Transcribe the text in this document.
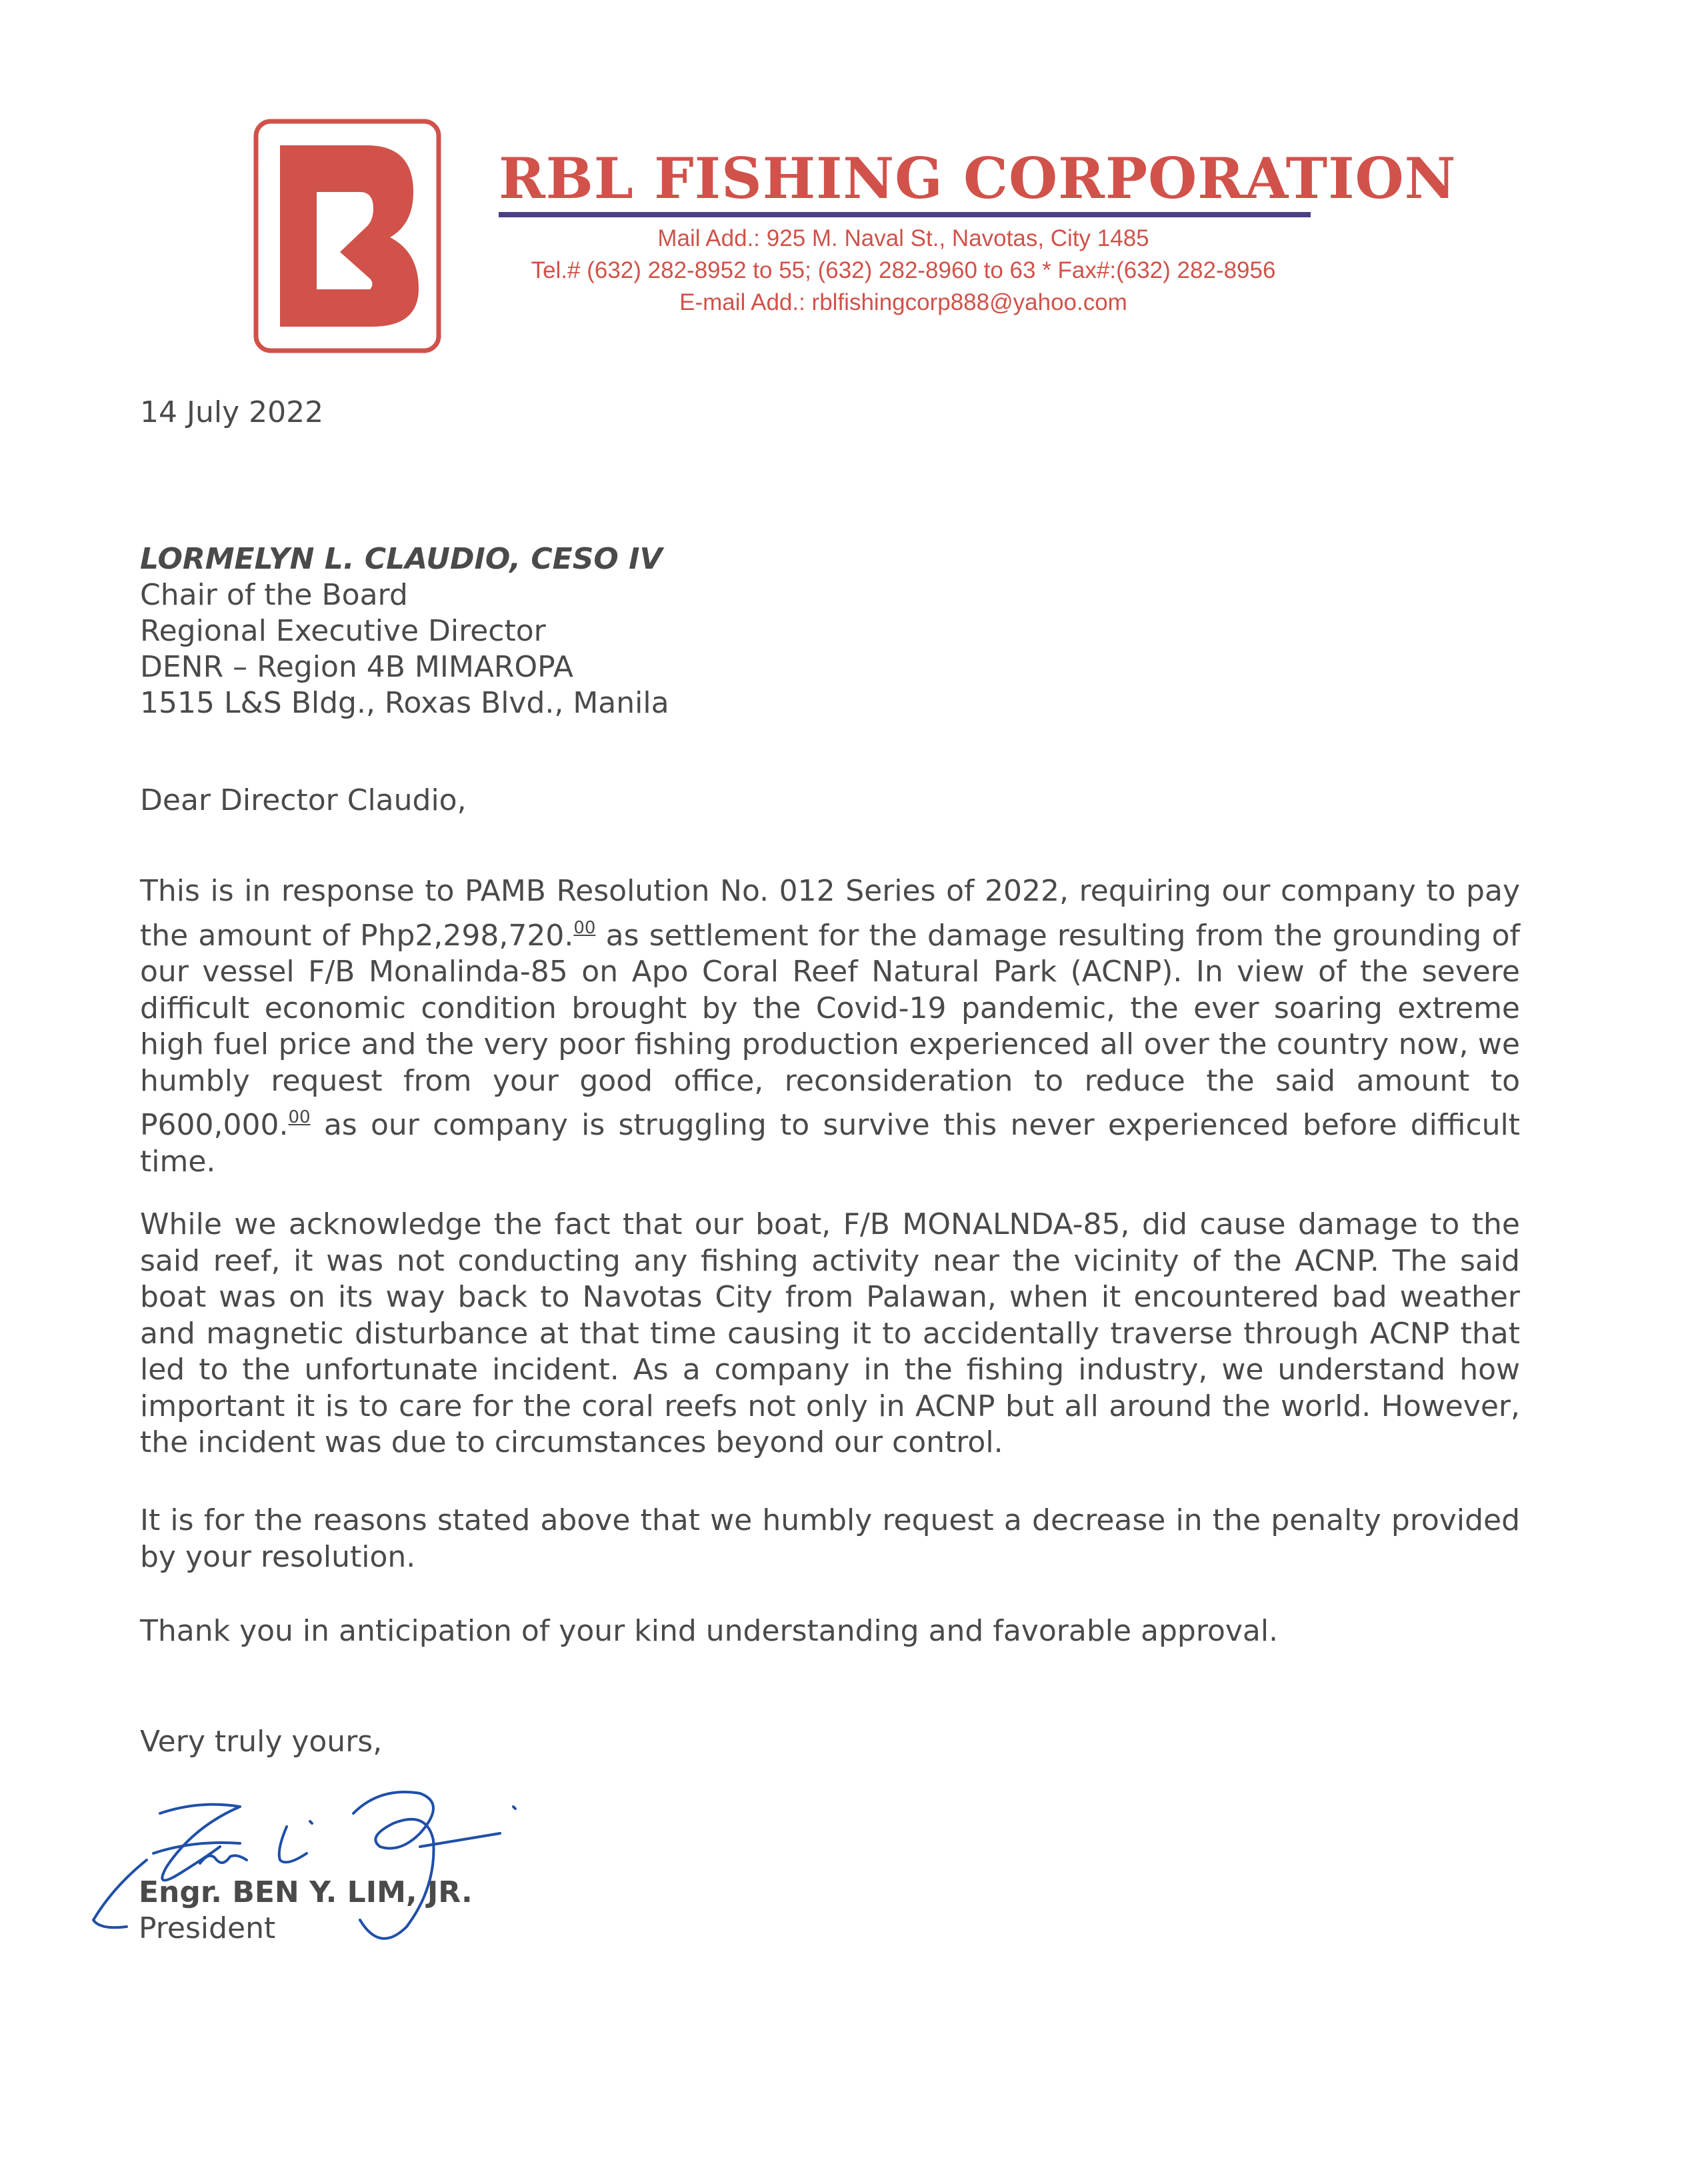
RBL FISHING CORPORATION
Mail Add.: 925 M. Naval St., Navotas, City 1485
Tel.# (632) 282-8952 to 55; (632) 282-8960 to 63 * Fax#:(632) 282-8956
E-mail Add.: rblfishingcorp888@yahoo.com
14 July 2022
LORMELYN L. CLAUDIO, CESO IV
Chair of the Board
Regional Executive Director
DENR – Region 4B MIMAROPA
1515 L&S Bldg., Roxas Blvd., Manila
Dear Director Claudio,

This is in response to PAMB Resolution No. 012 Series of 2022, requiring our company to pay the amount of Php2,298,720.00 as settlement for the damage resulting from the grounding of our vessel F/B Monalinda-85 on Apo Coral Reef Natural Park (ACNP). In view of the severe difficult economic condition brought by the Covid-19 pandemic, the ever soaring extreme high fuel price and the very poor fishing production experienced all over the country now, we humbly request from your good office, reconsideration to reduce the said amount to P600,000.00 as our company is struggling to survive this never experienced before difficult time.

While we acknowledge the fact that our boat, F/B MONALNDA-85, did cause damage to the said reef, it was not conducting any fishing activity near the vicinity of the ACNP. The said boat was on its way back to Navotas City from Palawan, when it encountered bad weather and magnetic disturbance at that time causing it to accidentally traverse through ACNP that led to the unfortunate incident. As a company in the fishing industry, we understand how important it is to care for the coral reefs not only in ACNP but all around the world. However, the incident was due to circumstances beyond our control.

It is for the reasons stated above that we humbly request a decrease in the penalty provided by your resolution.

Thank you in anticipation of your kind understanding and favorable approval.

Very truly yours,
Engr. BEN Y. LIM, JR.
President
